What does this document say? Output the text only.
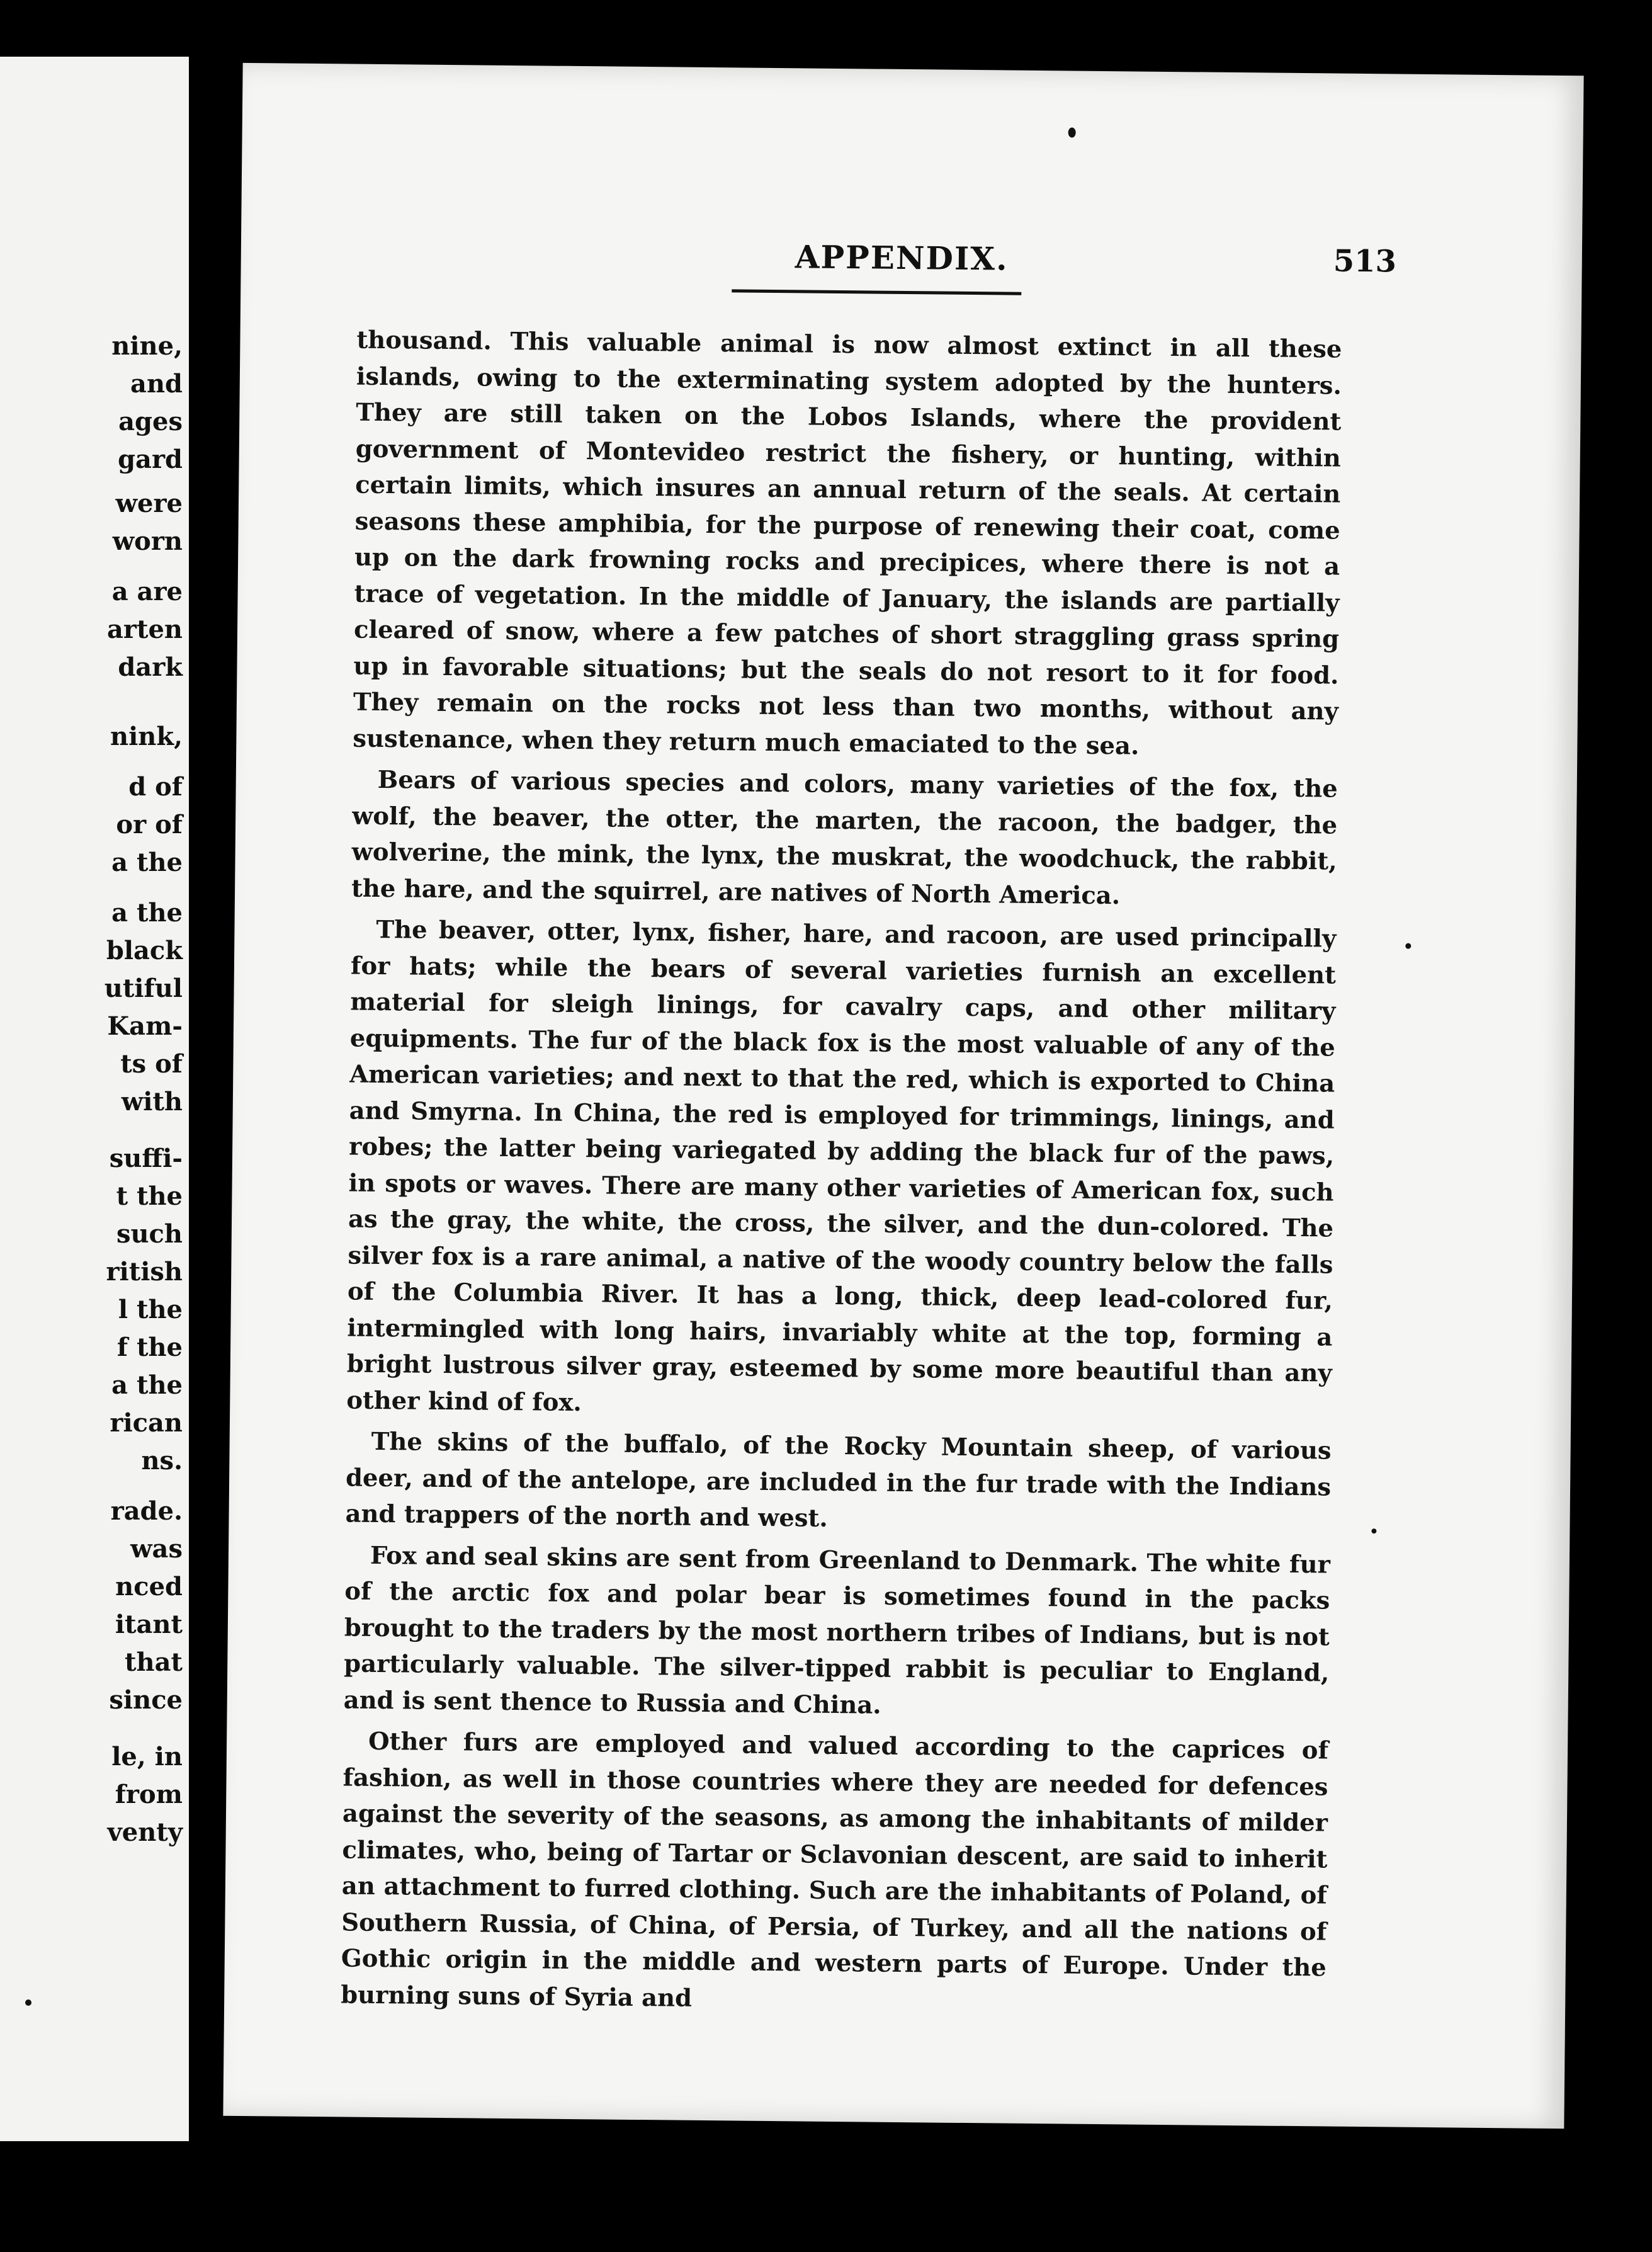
nine,
and
ages
gard
were
worn
a are
arten
dark
nink,
d of
or of
a the
a the
black
utiful
Kam-
ts of
with
suffi-
t the
such
ritish
l the
f the
a the
rican
ns.
rade.
was
nced
itant
that
since
le, in
from
venty
APPENDIX.	513

thousand. This valuable animal is now almost extinct in all these islands, owing to the exterminating system adopted by the hunters. They are still taken on the Lobos Islands, where the provident government of Montevideo restrict the fishery, or hunting, within certain limits, which insures an annual return of the seals. At certain seasons these amphibia, for the purpose of renewing their coat, come up on the dark frowning rocks and precipices, where there is not a trace of vegetation. In the middle of January, the islands are partially cleared of snow, where a few patches of short straggling grass spring up in favorable situations; but the seals do not resort to it for food. They remain on the rocks not less than two months, without any sustenance, when they return much emaciated to the sea.

Bears of various species and colors, many varieties of the fox, the wolf, the beaver, the otter, the marten, the racoon, the badger, the wolverine, the mink, the lynx, the muskrat, the woodchuck, the rabbit, the hare, and the squirrel, are natives of North America.

The beaver, otter, lynx, fisher, hare, and racoon, are used principally for hats; while the bears of several varieties furnish an excellent material for sleigh linings, for cavalry caps, and other military equipments. The fur of the black fox is the most valuable of any of the American varieties; and next to that the red, which is exported to China and Smyrna. In China, the red is employed for trimmings, linings, and robes; the latter being variegated by adding the black fur of the paws, in spots or waves. There are many other varieties of American fox, such as the gray, the white, the cross, the silver, and the dun-colored. The silver fox is a rare animal, a native of the woody country below the falls of the Columbia River. It has a long, thick, deep lead-colored fur, intermingled with long hairs, invariably white at the top, forming a bright lustrous silver gray, esteemed by some more beautiful than any other kind of fox.

The skins of the buffalo, of the Rocky Mountain sheep, of various deer, and of the antelope, are included in the fur trade with the Indians and trappers of the north and west.

Fox and seal skins are sent from Greenland to Denmark. The white fur of the arctic fox and polar bear is sometimes found in the packs brought to the traders by the most northern tribes of Indians, but is not particularly valuable. The silver-tipped rabbit is peculiar to England, and is sent thence to Russia and China.

Other furs are employed and valued according to the caprices of fashion, as well in those countries where they are needed for defences against the severity of the seasons, as among the inhabitants of milder climates, who, being of Tartar or Sclavonian descent, are said to inherit an attachment to furred clothing. Such are the inhabitants of Poland, of Southern Russia, of China, of Persia, of Turkey, and all the nations of Gothic origin in the middle and western parts of Europe. Under the burning suns of Syria and
